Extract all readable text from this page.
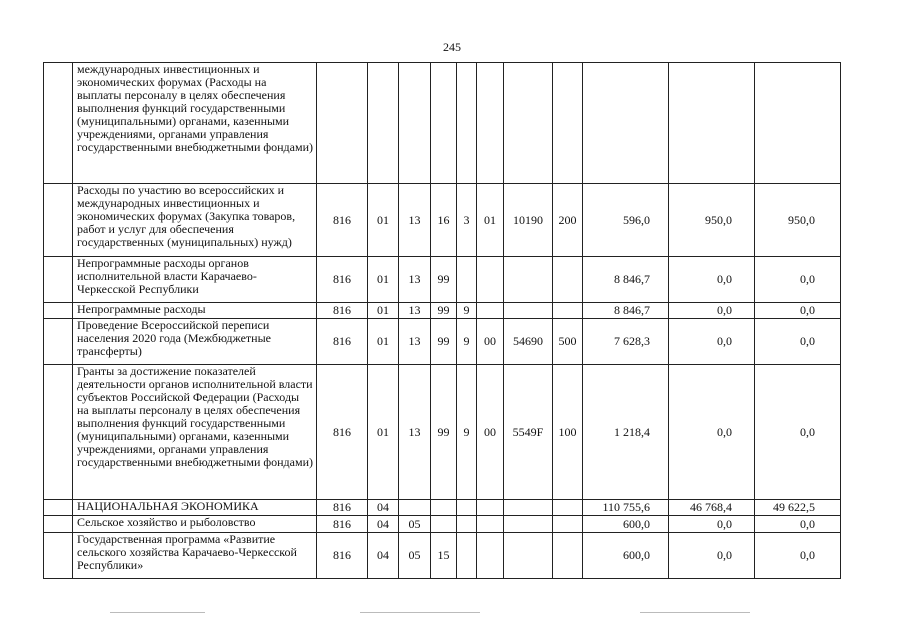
245
	международных инвестиционных и экономических форумах (Расходы на выплаты персоналу в целях обеспечения выполнения функций государственными (муниципальными) органами, казенными учреждениями, органами управления государственными внебюджетными фондами)											
	Расходы по участию во всероссийских и международных инвестиционных и экономических форумах (Закупка товаров, работ и услуг для обеспечения государственных (муниципальных) нужд)	816	01	13	16	3	01	10190	200	596,0	950,0	950,0
	Непрограммные расходы органов исполнительной власти Карачаево-Черкесской Республики	816	01	13	99					8 846,7	0,0	0,0
	Непрограммные расходы	816	01	13	99	9				8 846,7	0,0	0,0
	Проведение Всероссийской переписи населения 2020 года (Межбюджетные трансферты)	816	01	13	99	9	00	54690	500	7 628,3	0,0	0,0
	Гранты за достижение показателей деятельности органов исполнительной власти субъектов Российской Федерации (Расходы на выплаты персоналу в целях обеспечения выполнения функций государственными (муниципальными) органами, казенными учреждениями, органами управления государственными внебюджетными фондами)	816	01	13	99	9	00	5549F	100	1 218,4	0,0	0,0
	НАЦИОНАЛЬНАЯ ЭКОНОМИКА	816	04							110 755,6	46 768,4	49 622,5
	Сельское хозяйство и рыболовство	816	04	05						600,0	0,0	0,0
	Государственная программа «Развитие сельского хозяйства Карачаево-Черкесской Республики»	816	04	05	15					600,0	0,0	0,0
